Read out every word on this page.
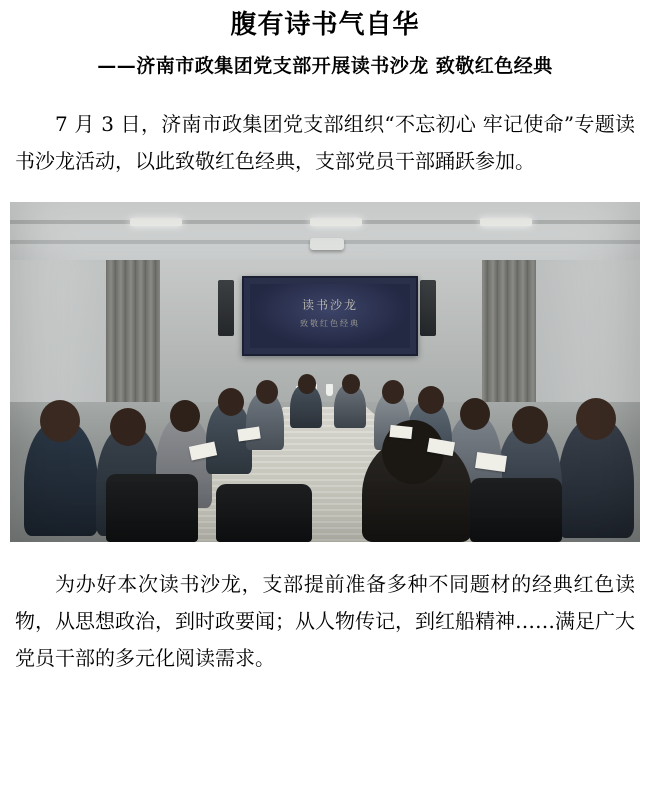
腹有诗书气自华
——济南市政集团党支部开展读书沙龙 致敬红色经典

7 月 3 日，济南市政集团党支部组织“不忘初心 牢记使命”专题读书沙龙活动，以此致敬红色经典，支部党员干部踊跃参加。

读书沙龙
致敬红色经典

为办好本次读书沙龙，支部提前准备多种不同题材的经典红色读物，从思想政治，到时政要闻；从人物传记，到红船精神……满足广大党员干部的多元化阅读需求。
